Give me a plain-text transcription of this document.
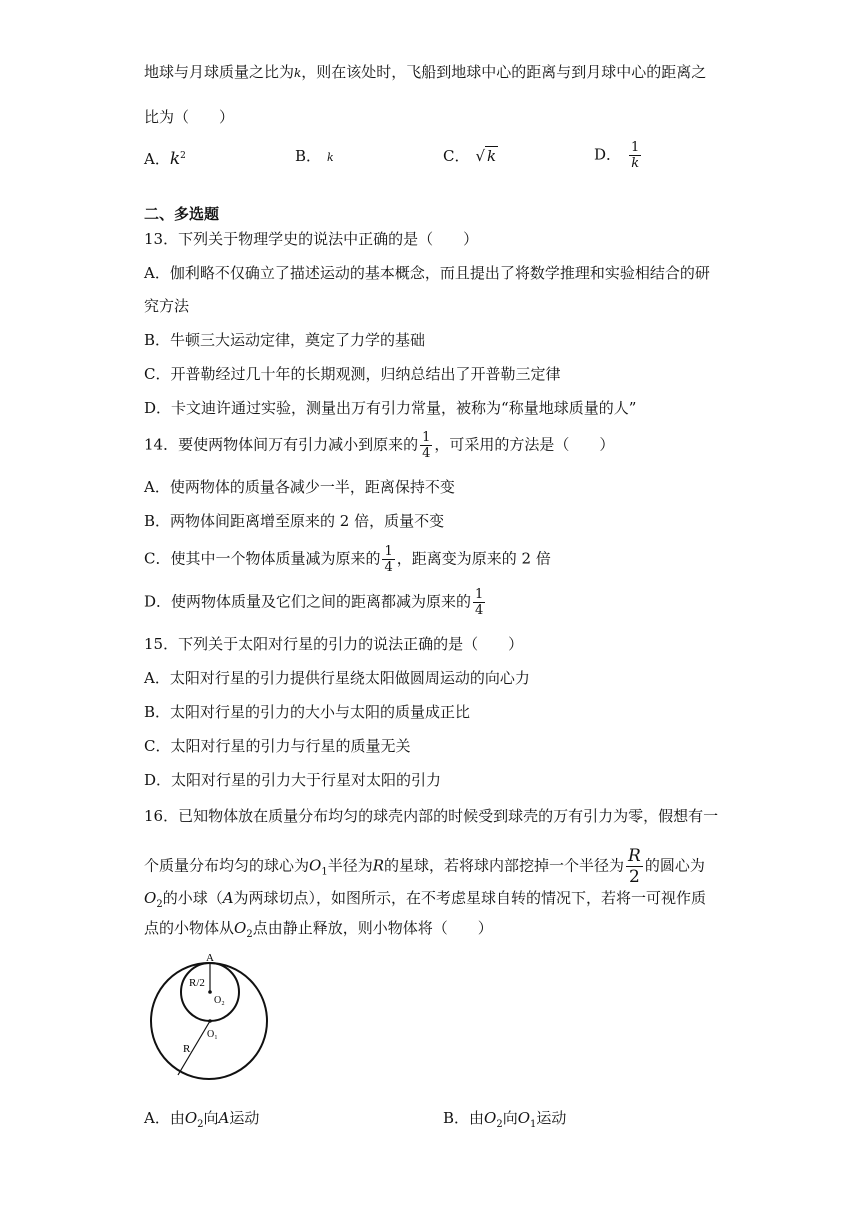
地球与月球质量之比为k，则在该处时，飞船到地球中心的距离与到月球中心的距离之
比为（　　）
A．$k^2$	B． k	C． √ k	D． $\frac{1}{k}$
二、多选题
13．下列关于物理学史的说法中正确的是（　　）
A．伽利略不仅确立了描述运动的基本概念，而且提出了将数学推理和实验相结合的研
究方法
B．牛顿三大运动定律，奠定了力学的基础
C．开普勒经过几十年的长期观测，归纳总结出了开普勒三定律
D．卡文迪许通过实验，测量出万有引力常量，被称为“称量地球质量的人”
14．要使两物体间万有引力减小到原来的 $\frac{1}{4}$ ，可采用的方法是（　　）
A．使两物体的质量各减少一半，距离保持不变
B．两物体间距离增至原来的 2 倍，质量不变
C．使其中一个物体质量减为原来的 $\frac{1}{4}$ ，距离变为原来的 2 倍
D．使两物体质量及它们之间的距离都减为原来的 $\frac{1}{4}$
15．下列关于太阳对行星的引力的说法正确的是（　　）
A．太阳对行星的引力提供行星绕太阳做圆周运动的向心力
B．太阳对行星的引力的大小与太阳的质量成正比
C．太阳对行星的引力与行星的质量无关
D．太阳对行星的引力大于行星对太阳的引力
16．已知物体放在质量分布均匀的球壳内部的时候受到球壳的万有引力为零，假想有一
个质量分布均匀的球心为$O_1$半径为R的星球，若将球内部挖掉一个半径为 $\frac{R}{2}$ 的圆心为
$O_2$的小球（A为两球切点），如图所示，在不考虑星球自转的情况下，若将一可视作质
点的小物体从$O_2$点由静止释放，则小物体将（　　）
A
R/2
O₂
O₁
R
A．由$O_2$向A运动	B．由$O_2$向$O_1$运动
